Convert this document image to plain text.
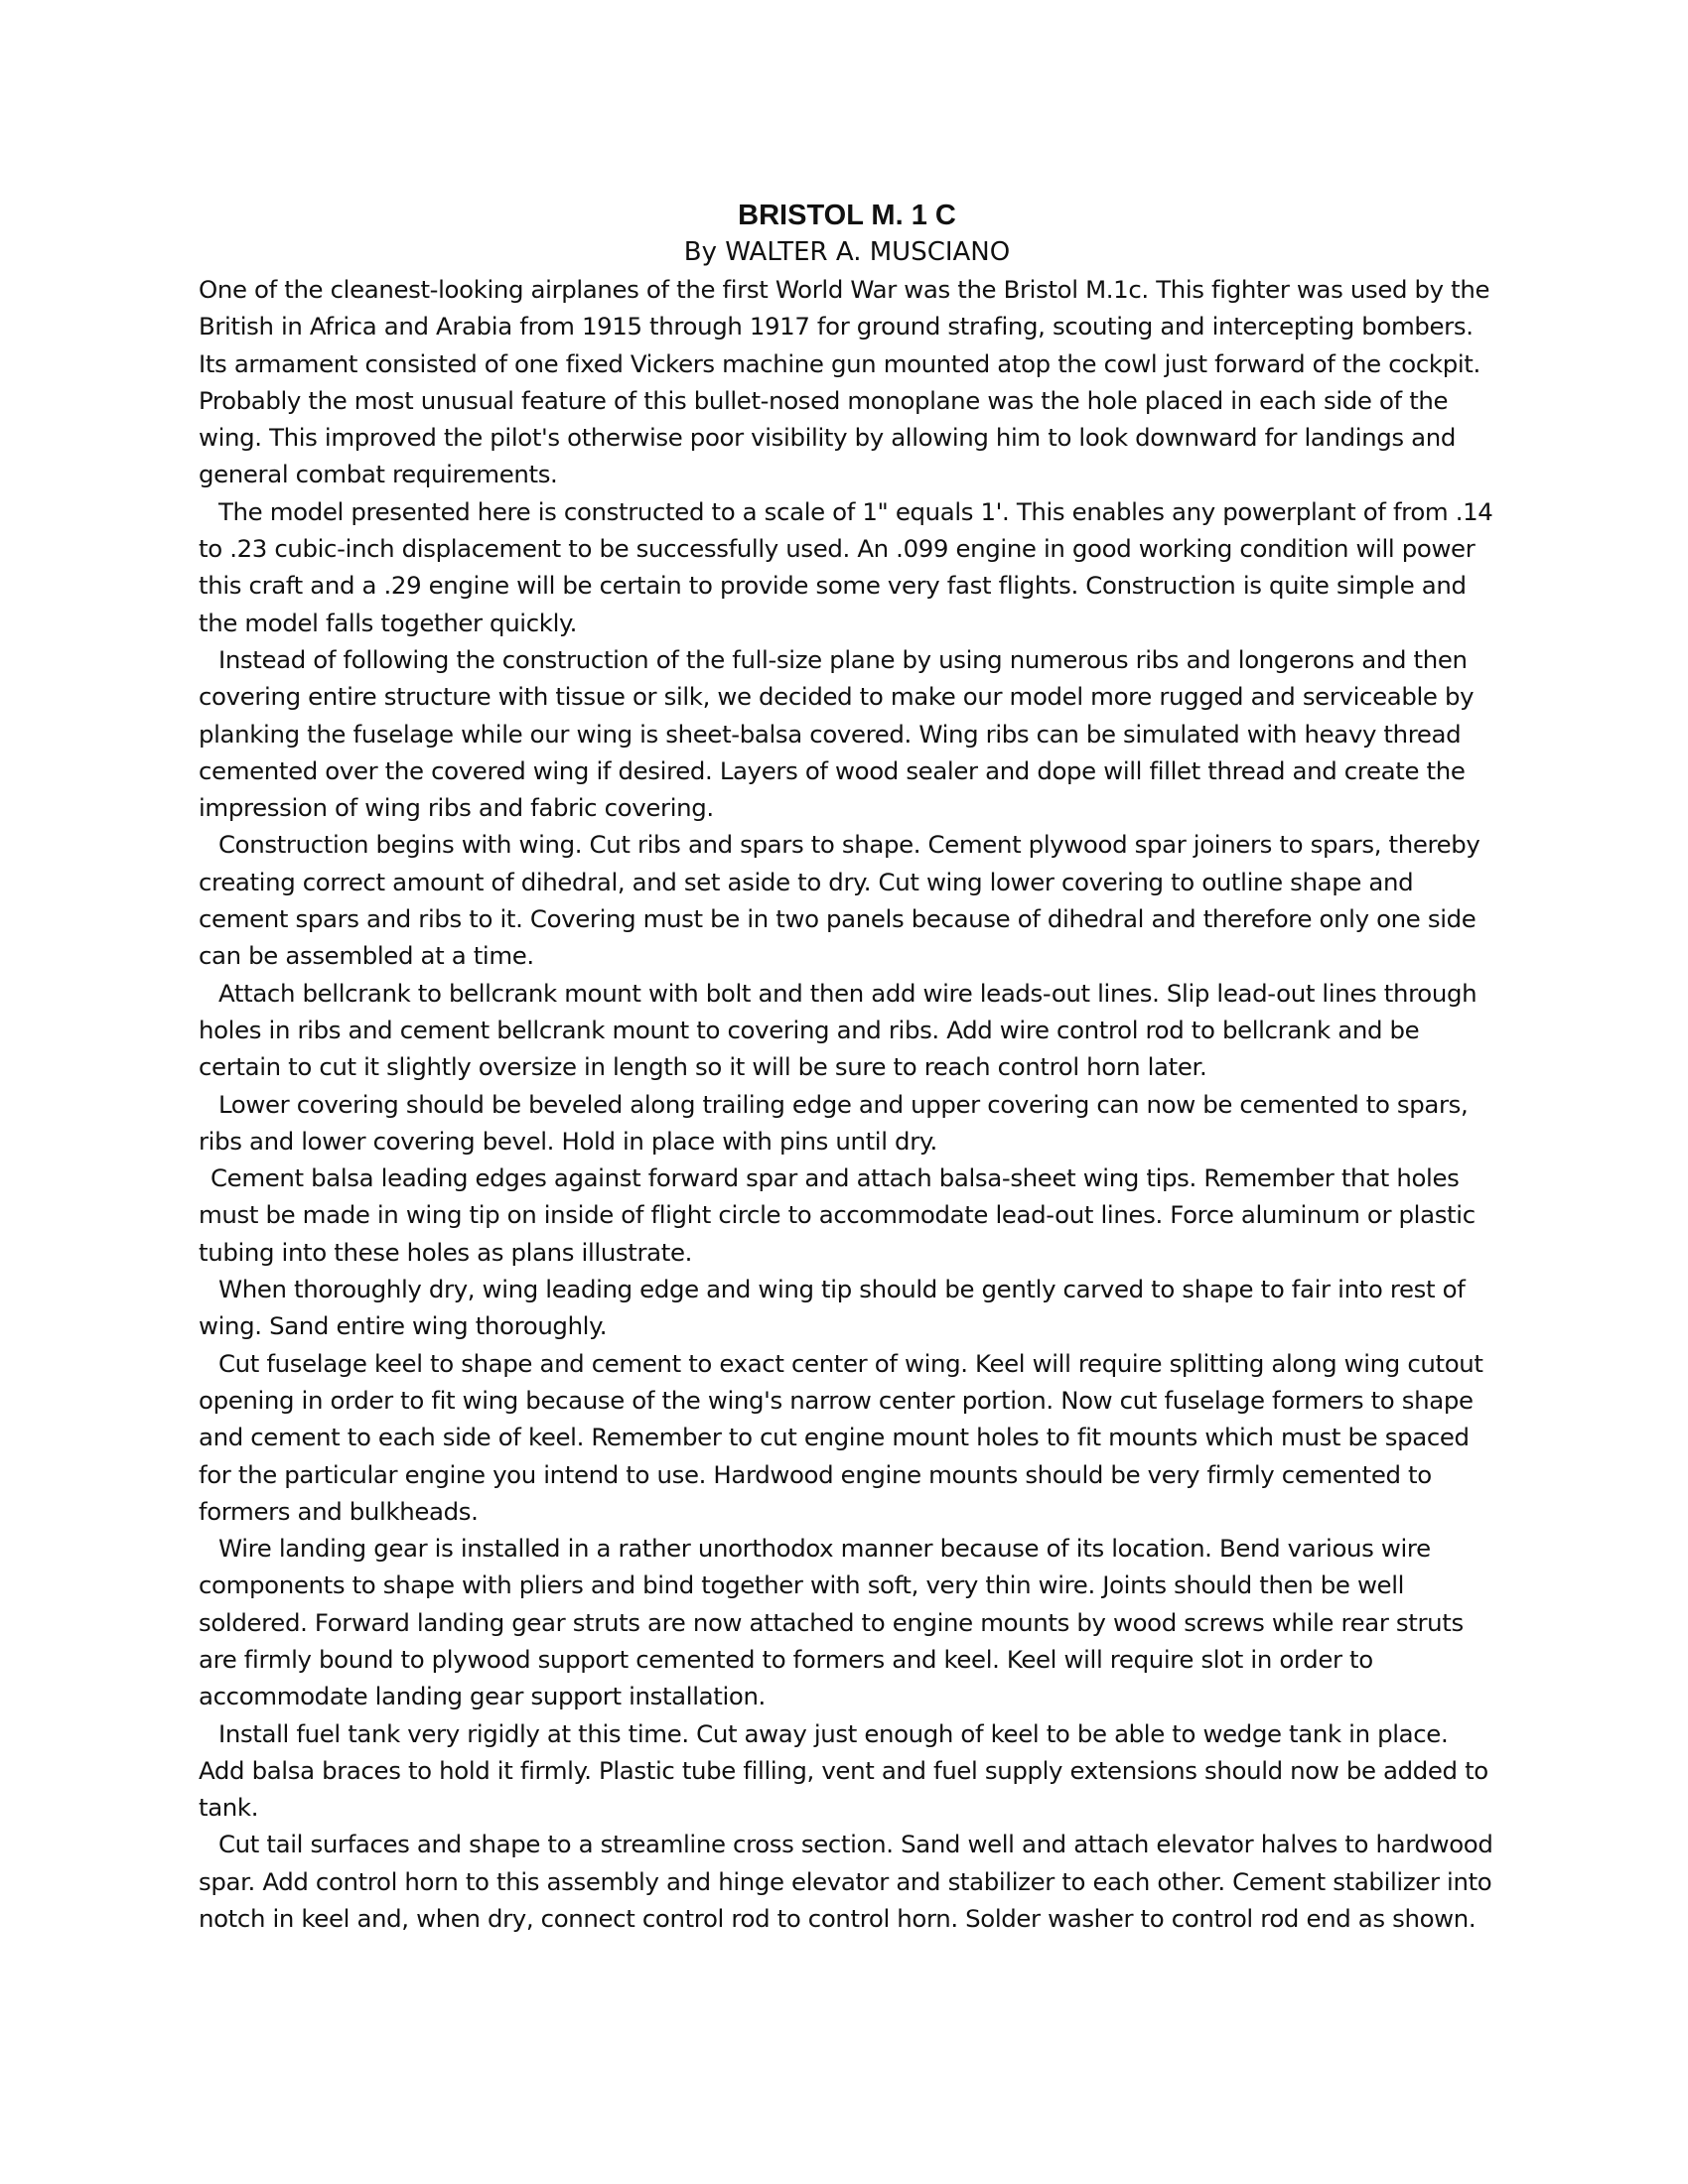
BRISTOL M. 1 C
By WALTER A. MUSCIANO

One of the cleanest-looking airplanes of the first World War was the Bristol M.1c. This fighter was used by the British in Africa and Arabia from 1915 through 1917 for ground strafing, scouting and intercepting bombers. Its armament consisted of one fixed Vickers machine gun mounted atop the cowl just forward of the cockpit. Probably the most unusual feature of this bullet-nosed monoplane was the hole placed in each side of the wing. This improved the pilot's otherwise poor visibility by allowing him to look downward for landings and general combat requirements.

The model presented here is constructed to a scale of 1" equals 1'. This enables any powerplant of from .14 to .23 cubic-inch displacement to be successfully used. An .099 engine in good working condition will power this craft and a .29 engine will be certain to provide some very fast flights. Construction is quite simple and the model falls together quickly.

Instead of following the construction of the full-size plane by using numerous ribs and longerons and then covering entire structure with tissue or silk, we decided to make our model more rugged and serviceable by planking the fuselage while our wing is sheet-balsa covered. Wing ribs can be simulated with heavy thread cemented over the covered wing if desired. Layers of wood sealer and dope will fillet thread and create the impression of wing ribs and fabric covering.

Construction begins with wing. Cut ribs and spars to shape. Cement plywood spar joiners to spars, thereby creating correct amount of dihedral, and set aside to dry. Cut wing lower covering to outline shape and cement spars and ribs to it. Covering must be in two panels because of dihedral and therefore only one side can be assembled at a time.

Attach bellcrank to bellcrank mount with bolt and then add wire leads-out lines. Slip lead-out lines through holes in ribs and cement bellcrank mount to covering and ribs. Add wire control rod to bellcrank and be certain to cut it slightly oversize in length so it will be sure to reach control horn later.

Lower covering should be beveled along trailing edge and upper covering can now be cemented to spars, ribs and lower covering bevel. Hold in place with pins until dry.

Cement balsa leading edges against forward spar and attach balsa-sheet wing tips. Remember that holes must be made in wing tip on inside of flight circle to accommodate lead-out lines. Force aluminum or plastic tubing into these holes as plans illustrate.

When thoroughly dry, wing leading edge and wing tip should be gently carved to shape to fair into rest of wing. Sand entire wing thoroughly.

Cut fuselage keel to shape and cement to exact center of wing. Keel will require splitting along wing cutout opening in order to fit wing because of the wing's narrow center portion. Now cut fuselage formers to shape and cement to each side of keel. Remember to cut engine mount holes to fit mounts which must be spaced for the particular engine you intend to use. Hardwood engine mounts should be very firmly cemented to formers and bulkheads.

Wire landing gear is installed in a rather unorthodox manner because of its location. Bend various wire components to shape with pliers and bind together with soft, very thin wire. Joints should then be well soldered. Forward landing gear struts are now attached to engine mounts by wood screws while rear struts are firmly bound to plywood support cemented to formers and keel. Keel will require slot in order to accommodate landing gear support installation.

Install fuel tank very rigidly at this time. Cut away just enough of keel to be able to wedge tank in place. Add balsa braces to hold it firmly. Plastic tube filling, vent and fuel supply extensions should now be added to tank.

Cut tail surfaces and shape to a streamline cross section. Sand well and attach elevator halves to hardwood spar. Add control horn to this assembly and hinge elevator and stabilizer to each other. Cement stabilizer into notch in keel and, when dry, connect control rod to control horn. Solder washer to control rod end as shown.
